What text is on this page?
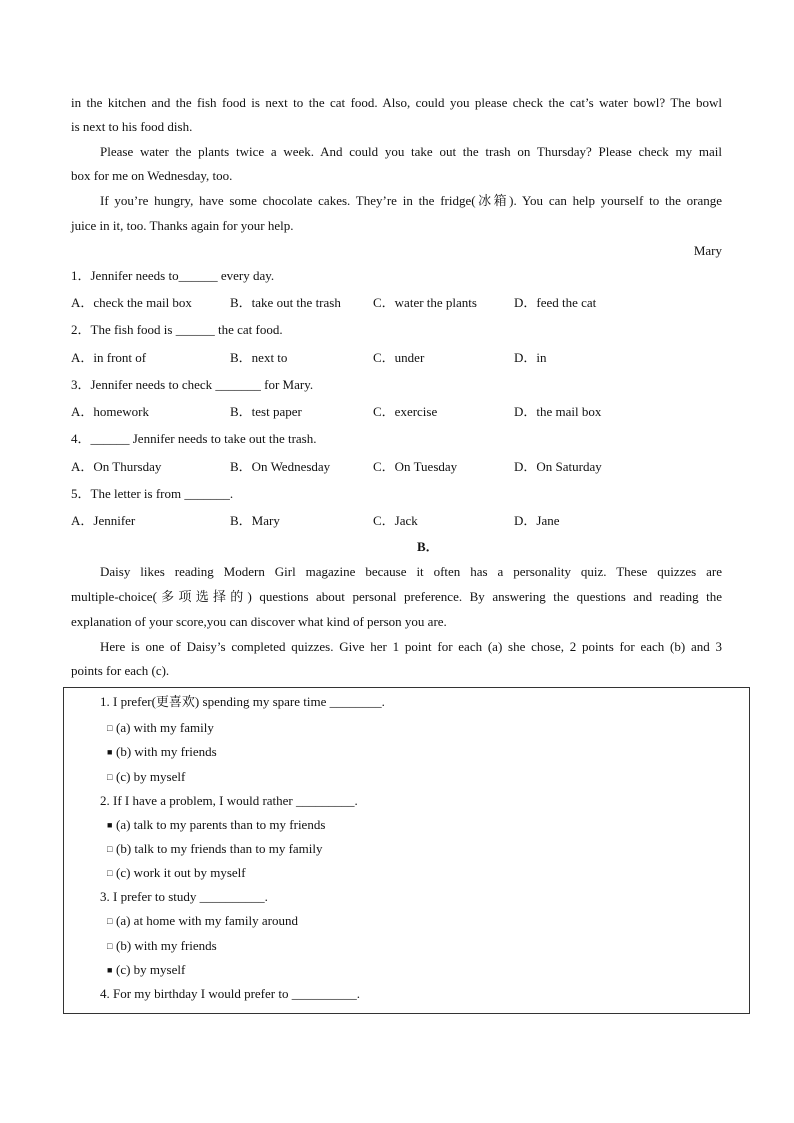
in the kitchen and the fish food is next to the cat food. Also, could you please check the cat’s water bowl? The bowl
is next to his food dish.
Please water the plants twice a week. And could you take out the trash on Thursday? Please check my mail
box for me on Wednesday, too.
If you’re hungry, have some chocolate cakes. They’re in the fridge(冰箱). You can help yourself to the orange
juice in it, too. Thanks again for your help.
Mary
1．Jennifer needs to______ every day.
A．check the mail box	B．take out the trash C．water the plants	D．feed the cat
2．The fish food is ______ the cat food.
A．in front of	B．next to	C．under	D．in
3．Jennifer needs to check _______ for Mary.
A．homework	B．test paper	C．exercise	D．the mail box
4．______ Jennifer needs to take out the trash.
A．On Thursday	B．On Wednesday	C．On Tuesday	D．On Saturday
5．The letter is from _______.
A．Jennifer	B．Mary	C．Jack	D．Jane
B．
Daisy likes reading Modern Girl magazine because it often has a personality quiz. These quizzes are
multiple-choice(多项选择的) questions about personal preference. By answering the questions and reading the
explanation of your score,you can discover what kind of person you are.
Here is one of Daisy’s completed quizzes. Give her 1 point for each (a) she chose, 2 points for each (b) and 3
points for each (c).
1. I prefer(更喜欢) spending my spare time ________.
□ (a) with my family
■ (b) with my friends
□ (c) by myself
2. If I have a problem, I would rather _________.
■ (a) talk to my parents than to my friends
□ (b) talk to my friends than to my family
□ (c) work it out by myself
3. I prefer to study __________.
□ (a) at home with my family around
□ (b) with my friends
■ (c) by myself
4. For my birthday I would prefer to __________.
